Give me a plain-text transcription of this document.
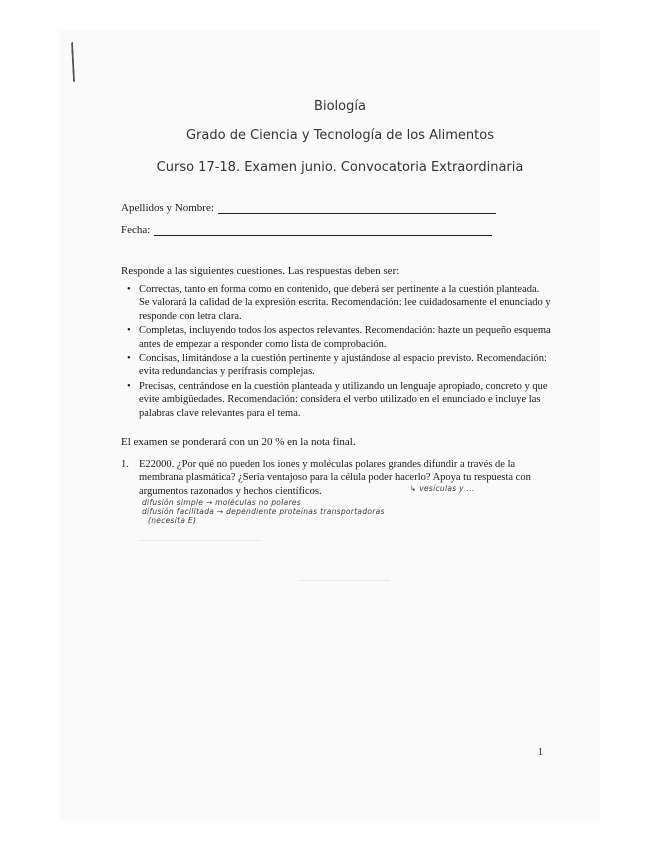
Biología
Grado de Ciencia y Tecnología de los Alimentos
Curso 17-18. Examen junio. Convocatoria Extraordinaria
Apellidos y Nombre:
Fecha:
Responde a las siguientes cuestiones. Las respuestas deben ser:
• Correctas, tanto en forma como en contenido, que deberá ser pertinente a la cuestión planteada. Se valorará la calidad de la expresión escrita. Recomendación: lee cuidadosamente el enunciado y responde con letra clara.
• Completas, incluyendo todos los aspectos relevantes. Recomendación: hazte un pequeño esquema antes de empezar a responder como lista de comprobación.
• Concisas, limitándose a la cuestión pertinente y ajustándose al espacio previsto. Recomendación: evita redundancias y perífrasis complejas.
• Precisas, centrándose en la cuestión planteada y utilizando un lenguaje apropiado, concreto y que evite ambigüedades. Recomendación: considera el verbo utilizado en el enunciado e incluye las palabras clave relevantes para el tema.
El examen se ponderará con un 20 % en la nota final.
1. E22000. ¿Por qué no pueden los iones y moléculas polares grandes difundir a través de la membrana plasmática? ¿Sería ventajoso para la célula poder hacerlo? Apoya tu respuesta con argumentos razonados y hechos científicos.	↳ vesículas y ...
difusión simple → moléculas no polares
difusión facilitada → dependiente proteínas transportadoras
(necesita E)
1
